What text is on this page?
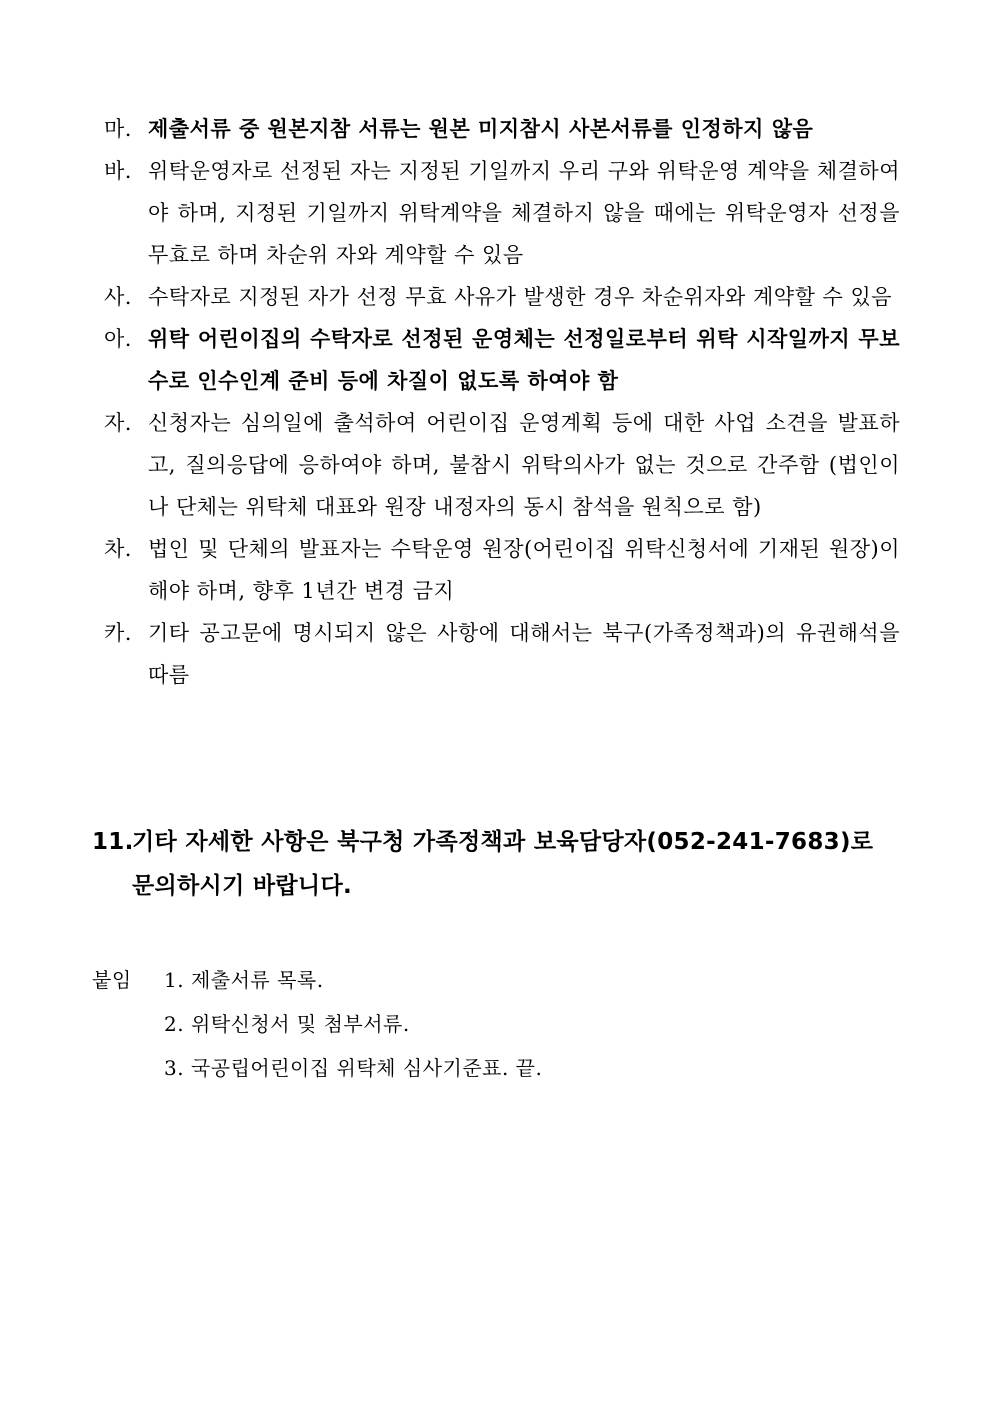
마. 제출서류 중 원본지참 서류는 원본 미지참시 사본서류를 인정하지 않음
바. 위탁운영자로 선정된 자는 지정된 기일까지 우리 구와 위탁운영 계약을 체결하여야 하며, 지정된 기일까지 위탁계약을 체결하지 않을 때에는 위탁운영자 선정을 무효로 하며 차순위 자와 계약할 수 있음
사. 수탁자로 지정된 자가 선정 무효 사유가 발생한 경우 차순위자와 계약할 수 있음
아. 위탁 어린이집의 수탁자로 선정된 운영체는 선정일로부터 위탁 시작일까지 무보수로 인수인계 준비 등에 차질이 없도록 하여야 함
자. 신청자는 심의일에 출석하여 어린이집 운영계획 등에 대한 사업 소견을 발표하고, 질의응답에 응하여야 하며, 불참시 위탁의사가 없는 것으로 간주함 (법인이나 단체는 위탁체 대표와 원장 내정자의 동시 참석을 원칙으로 함)
차. 법인 및 단체의 발표자는 수탁운영 원장(어린이집 위탁신청서에 기재된 원장)이 해야 하며, 향후 1년간 변경 금지
카. 기타 공고문에 명시되지 않은 사항에 대해서는 북구(가족정책과)의 유권해석을 따름
11.
기타 자세한 사항은 북구청 가족정책과 보육담당자(052-241-7683)로 문의하시기 바랍니다.
붙임 1. 제출서류 목록.
2. 위탁신청서 및 첨부서류.
3. 국공립어린이집 위탁체 심사기준표. 끝.
